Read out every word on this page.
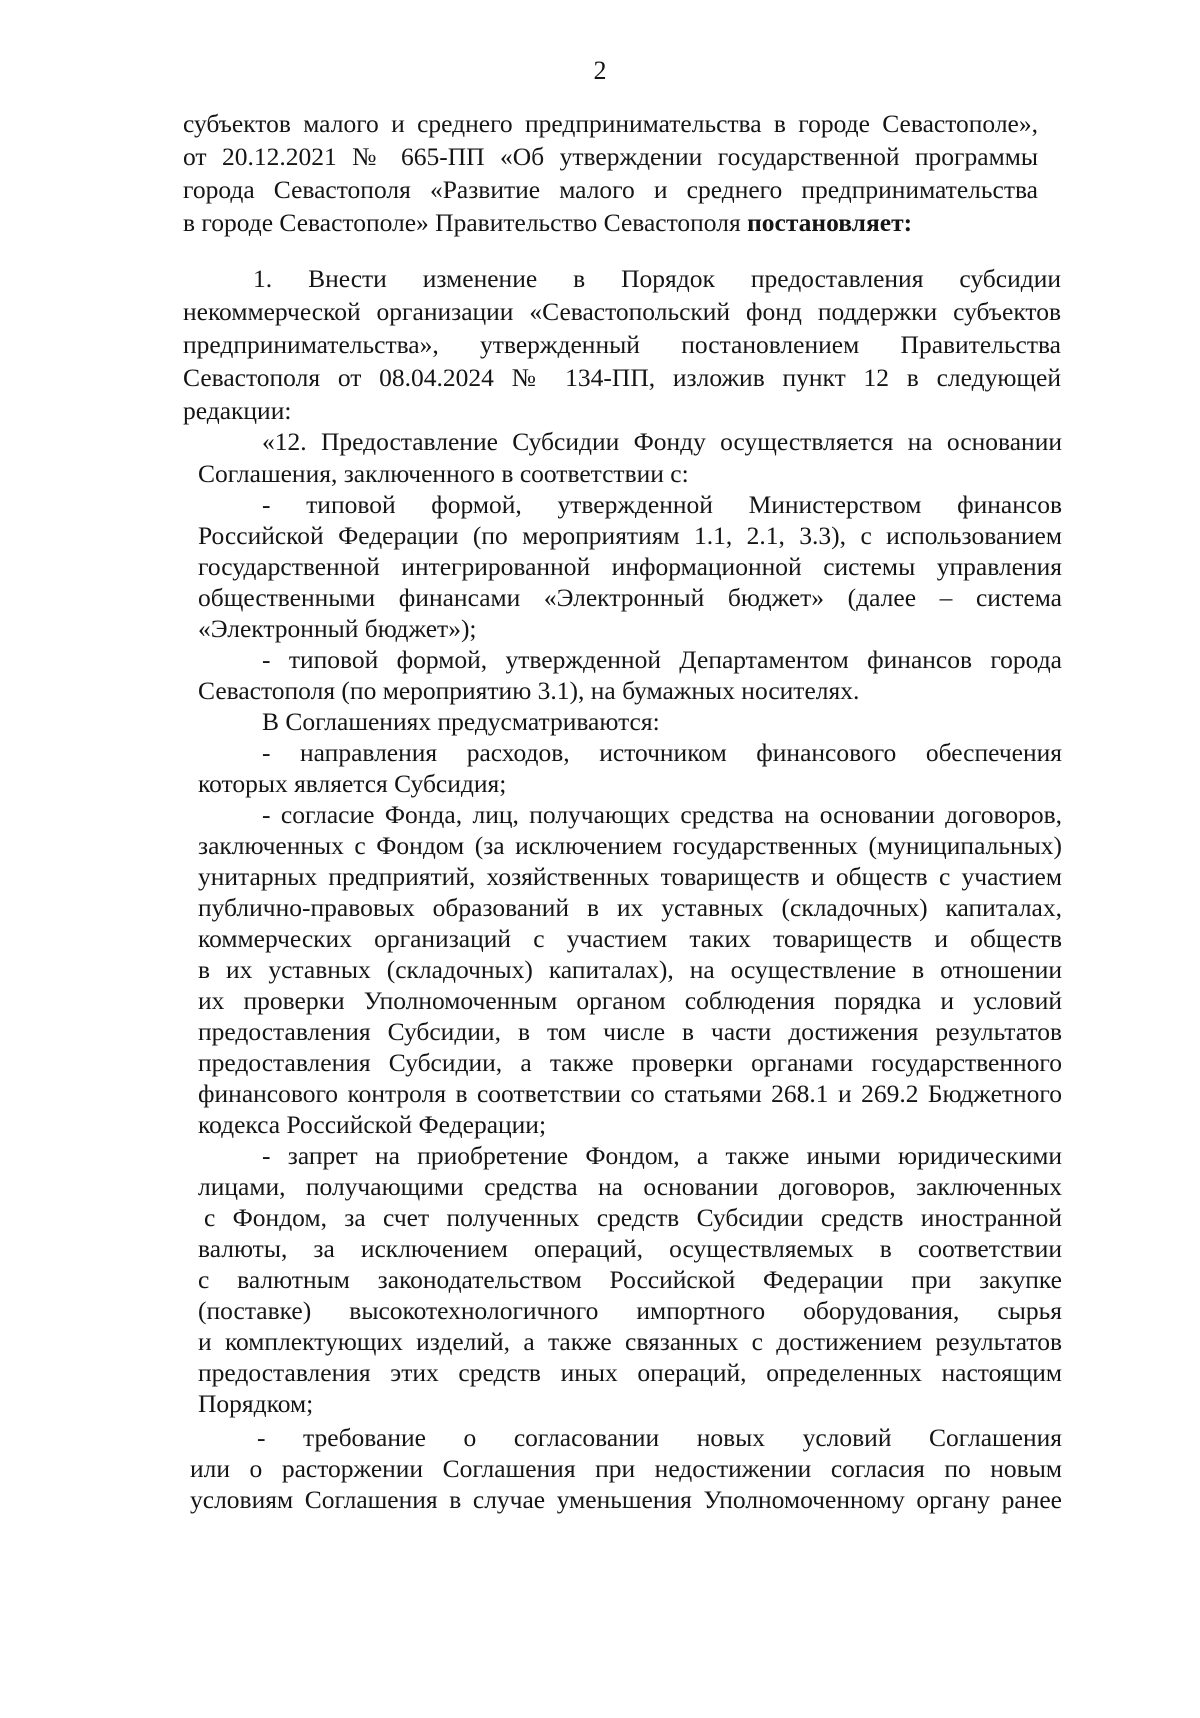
2
субъектов малого и среднего предпринимательства в городе Севастополе»,
от 20.12.2021 № 665-ПП «Об утверждении государственной программы
города Севастополя «Развитие малого и среднего предпринимательства
в городе Севастополе» Правительство Севастополя постановляет:
1. Внести изменение в Порядок предоставления субсидии
некоммерческой организации «Севастопольский фонд поддержки субъектов
предпринимательства», утвержденный постановлением Правительства
Севастополя от 08.04.2024 № 134-ПП, изложив пункт 12 в следующей
редакции:
«12. Предоставление Субсидии Фонду осуществляется на основании
Соглашения, заключенного в соответствии с:
- типовой формой, утвержденной Министерством финансов
Российской Федерации (по мероприятиям 1.1, 2.1, 3.3), с использованием
государственной интегрированной информационной системы управления
общественными финансами «Электронный бюджет» (далее – система
«Электронный бюджет»);
- типовой формой, утвержденной Департаментом финансов города
Севастополя (по мероприятию 3.1), на бумажных носителях.
В Соглашениях предусматриваются:
- направления расходов, источником финансового обеспечения
которых является Субсидия;
- согласие Фонда, лиц, получающих средства на основании договоров,
заключенных с Фондом (за исключением государственных (муниципальных)
унитарных предприятий, хозяйственных товариществ и обществ с участием
публично-правовых образований в их уставных (складочных) капиталах,
коммерческих организаций с участием таких товариществ и обществ
в их уставных (складочных) капиталах), на осуществление в отношении
их проверки Уполномоченным органом соблюдения порядка и условий
предоставления Субсидии, в том числе в части достижения результатов
предоставления Субсидии, а также проверки органами государственного
финансового контроля в соответствии со статьями 268.1 и 269.2 Бюджетного
кодекса Российской Федерации;
- запрет на приобретение Фондом, а также иными юридическими
лицами, получающими средства на основании договоров, заключенных
с Фондом, за счет полученных средств Субсидии средств иностранной
валюты, за исключением операций, осуществляемых в соответствии
с валютным законодательством Российской Федерации при закупке
(поставке) высокотехнологичного импортного оборудования, сырья
и комплектующих изделий, а также связанных с достижением результатов
предоставления этих средств иных операций, определенных настоящим
Порядком;
- требование о согласовании новых условий Соглашения
или о расторжении Соглашения при недостижении согласия по новым
условиям Соглашения в случае уменьшения Уполномоченному органу ранее
